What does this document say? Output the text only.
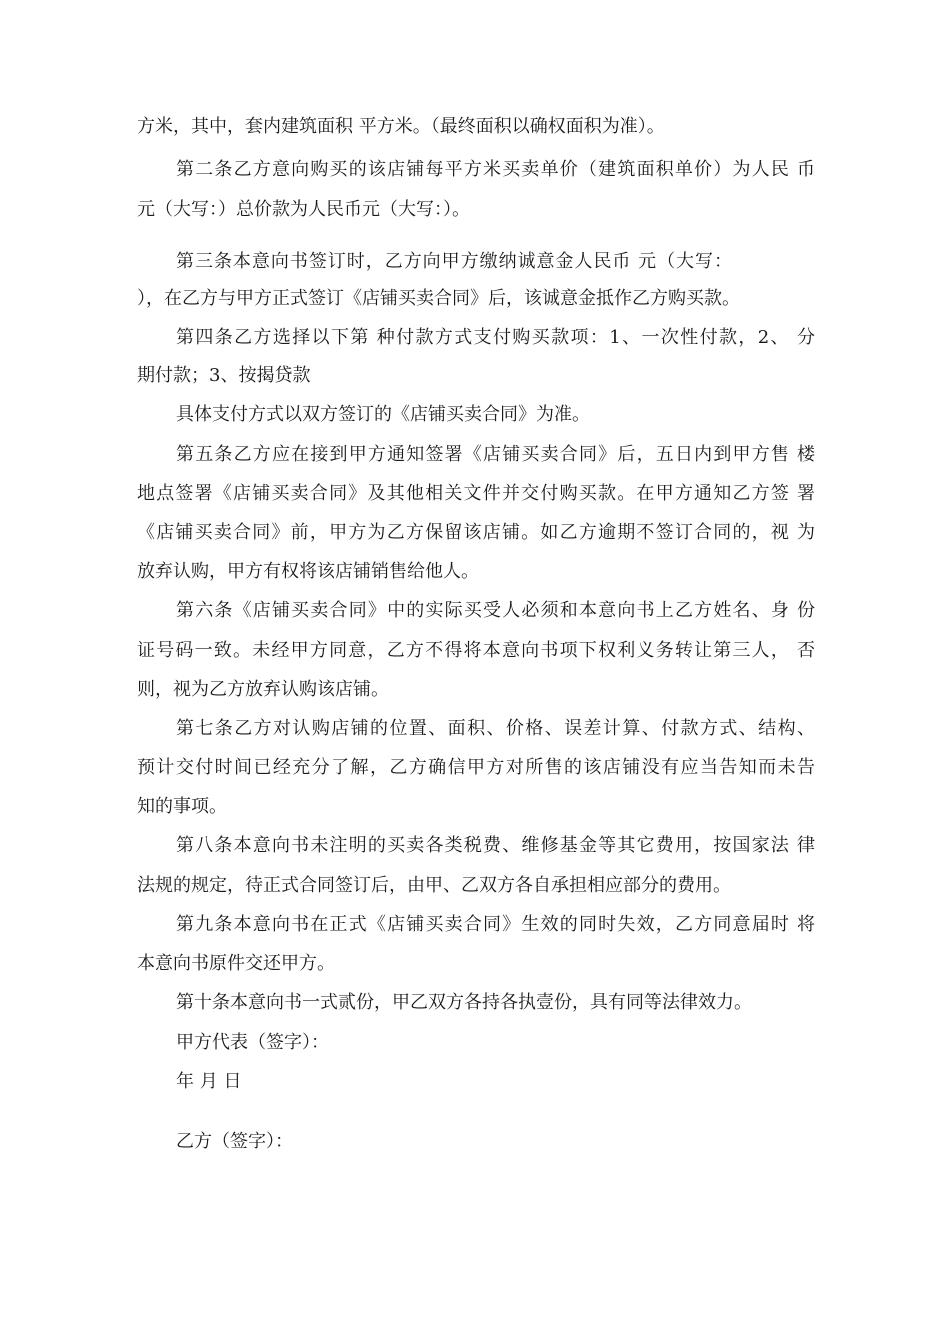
方米，其中，套内建筑面积 平方米。（最终面积以确权面积为准）。
第二条乙方意向购买的该店铺每平方米买卖单价（建筑面积单价）为人民 币
元（大写：）总价款为人民币元（大写：）。
第三条本意向书签订时，乙方向甲方缴纳诚意金人民币 元（大写：
），在乙方与甲方正式签订《店铺买卖合同》后，该诚意金抵作乙方购买款。
第四条乙方选择以下第 种付款方式支付购买款项：1、一次性付款，2、 分
期付款；3、按揭贷款
具体支付方式以双方签订的《店铺买卖合同》为准。
第五条乙方应在接到甲方通知签署《店铺买卖合同》后，五日内到甲方售 楼
地点签署《店铺买卖合同》及其他相关文件并交付购买款。在甲方通知乙方签 署
《店铺买卖合同》前，甲方为乙方保留该店铺。如乙方逾期不签订合同的，视 为
放弃认购，甲方有权将该店铺销售给他人。
第六条《店铺买卖合同》中的实际买受人必须和本意向书上乙方姓名、身 份
证号码一致。未经甲方同意，乙方不得将本意向书项下权利义务转让第三人， 否
则，视为乙方放弃认购该店铺。
第七条乙方对认购店铺的位置、面积、价格、误差计算、付款方式、结构、
预计交付时间已经充分了解，乙方确信甲方对所售的该店铺没有应当告知而未告
知的事项。
第八条本意向书未注明的买卖各类税费、维修基金等其它费用，按国家法 律
法规的规定，待正式合同签订后，由甲、乙双方各自承担相应部分的费用。
第九条本意向书在正式《店铺买卖合同》生效的同时失效，乙方同意届时 将
本意向书原件交还甲方。
第十条本意向书一式贰份，甲乙双方各持各执壹份，具有同等法律效力。
甲方代表（签字）：
年 月 日
乙方（签字）：
